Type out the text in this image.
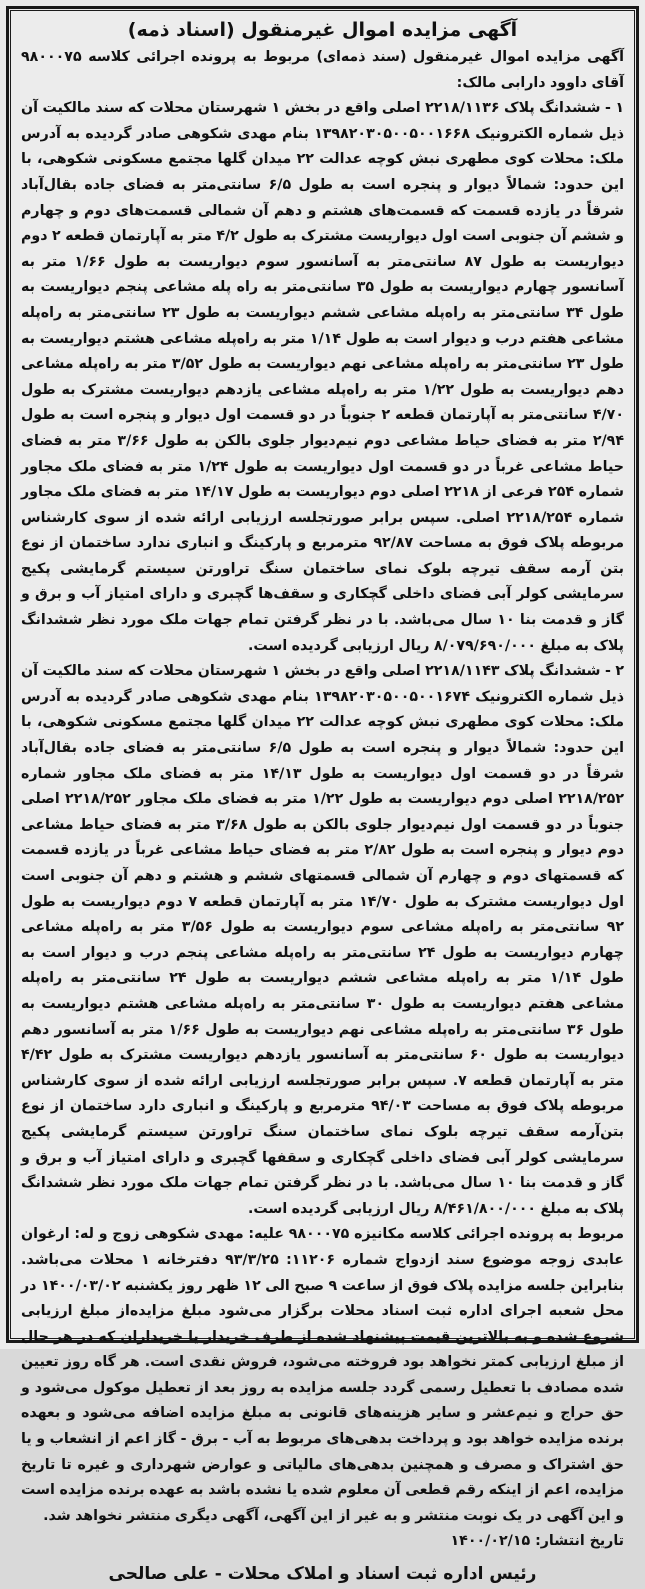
آگهی مزایده اموال غیرمنقول (اسناد ذمه)

آگهی مزایده اموال غیرمنقول (سند ذمه‌ای) مربوط به پرونده اجرائی کلاسه ۹۸۰۰۰۷۵ آقای داوود دارابی مالک:

۱ - ششدانگ پلاک ۲۲۱۸/۱۱۳۶ اصلی واقع در بخش ۱ شهرستان محلات که سند مالکیت آن ذیل شماره الکترونیک ۱۳۹۸۲۰۳۰۵۰۰۵۰۰۱۶۶۸ بنام مهدی شکوهی صادر گردیده به آدرس ملک: محلات کوی مطهری نبش کوچه عدالت ۲۲ میدان گلها مجتمع مسکونی شکوهی، با این حدود: شمالاً دیوار و پنجره است به طول ۶/۵ سانتی‌متر به فضای جاده بقال‌آباد شرقاً در یازده قسمت که قسمت‌های هشتم و دهم آن شمالی قسمت‌های دوم و چهارم و ششم آن جنوبی است اول دیواریست مشترک به طول ۴/۲ متر به آپارتمان قطعه ۲ دوم دیواریست به طول ۸۷ سانتی‌متر به آسانسور سوم دیواریست به طول ۱/۶۶ متر به آسانسور چهارم دیواریست به طول ۳۵ سانتی‌متر به راه پله مشاعی پنجم دیواریست به طول ۳۴ سانتی‌متر به راه‌پله مشاعی ششم دیواریست به طول ۲۳ سانتی‌متر به راه‌پله مشاعی هفتم درب و دیوار است به طول ۱/۱۴ متر به راه‌پله مشاعی هشتم دیواریست به طول ۲۳ سانتی‌متر به راه‌پله مشاعی نهم دیواریست به طول ۳/۵۲ متر به راه‌پله مشاعی دهم دیواریست به طول ۱/۲۲ متر به راه‌پله مشاعی یازدهم دیواریست مشترک به طول ۴/۷۰ سانتی‌متر به آپارتمان قطعه ۲ جنوباً در دو قسمت اول دیوار و پنجره است به طول ۲/۹۴ متر به فضای حیاط مشاعی دوم نیم‌دیوار جلوی بالکن به طول ۳/۶۶ متر به فضای حیاط مشاعی غرباً در دو قسمت اول دیواریست به طول ۱/۲۴ متر به فضای ملک مجاور شماره ۲۵۴ فرعی از ۲۲۱۸ اصلی دوم دیواریست به طول ۱۴/۱۷ متر به فضای ملک مجاور شماره ۲۲۱۸/۲۵۴ اصلی. سپس برابر صورتجلسه ارزیابی ارائه شده از سوی کارشناس مربوطه پلاک فوق به مساحت ۹۲/۸۷ مترمربع و پارکینگ و انباری ندارد ساختمان از نوع بتن آرمه سقف تیرچه بلوک نمای ساختمان سنگ تراورتن سیستم گرمایشی پکیج سرمایشی کولر آبی فضای داخلی گچکاری و سقف‌ها گچبری و دارای امتیاز آب و برق و گاز و قدمت بنا ۱۰ سال می‌باشد. با در نظر گرفتن تمام جهات ملک مورد نظر ششدانگ پلاک به مبلغ ۸/۰۷۹/۶۹۰/۰۰۰ ریال ارزیابی گردیده است.

۲ - ششدانگ پلاک ۲۲۱۸/۱۱۴۳ اصلی واقع در بخش ۱ شهرستان محلات که سند مالکیت آن ذیل شماره الکترونیک ۱۳۹۸۲۰۳۰۵۰۰۵۰۰۱۶۷۴ بنام مهدی شکوهی صادر گردیده به آدرس ملک: محلات کوی مطهری نبش کوچه عدالت ۲۲ میدان گلها مجتمع مسکونی شکوهی، با این حدود: شمالاً دیوار و پنجره است به طول ۶/۵ سانتی‌متر به فضای جاده بقال‌آباد شرقاً در دو قسمت اول دیواریست به طول ۱۴/۱۳ متر به فضای ملک مجاور شماره ۲۲۱۸/۲۵۲ اصلی دوم دیواریست به طول ۱/۲۲ متر به فضای ملک مجاور ۲۲۱۸/۲۵۲ اصلی جنوباً در دو قسمت اول نیم‌دیوار جلوی بالکن به طول ۳/۶۸ متر به فضای حیاط مشاعی دوم دیوار و پنجره است به طول ۲/۸۲ متر به فضای حیاط مشاعی غرباً در یازده قسمت که قسمتهای دوم و چهارم آن شمالی قسمتهای ششم و هشتم و دهم آن جنوبی است اول دیواریست مشترک به طول ۱۴/۷۰ متر به آپارتمان قطعه ۷ دوم دیواریست به طول ۹۲ سانتی‌متر به راه‌پله مشاعی سوم دیواریست به طول ۳/۵۶ متر به راه‌پله مشاعی چهارم دیواریست به طول ۲۴ سانتی‌متر به راه‌پله مشاعی پنجم درب و دیوار است به طول ۱/۱۴ متر به راه‌پله مشاعی ششم دیواریست به طول ۲۴ سانتی‌متر به راه‌پله مشاعی هفتم دیواریست به طول ۳۰ سانتی‌متر به راه‌پله مشاعی هشتم دیواریست به طول ۳۶ سانتی‌متر به راه‌پله مشاعی نهم دیواریست به طول ۱/۶۶ متر به آسانسور دهم دیواریست به طول ۶۰ سانتی‌متر به آسانسور یازدهم دیواریست مشترک به طول ۴/۴۲ متر به آپارتمان قطعه ۷. سپس برابر صورتجلسه ارزیابی ارائه شده از سوی کارشناس مربوطه پلاک فوق به مساحت ۹۴/۰۳ مترمربع و پارکینگ و انباری دارد ساختمان از نوع بتن‌آرمه سقف تیرچه بلوک نمای ساختمان سنگ تراورتن سیستم گرمایشی پکیج سرمایشی کولر آبی فضای داخلی گچکاری و سقفها گچبری و دارای امتیاز آب و برق و گاز و قدمت بنا ۱۰ سال می‌باشد. با در نظر گرفتن تمام جهات ملک مورد نظر ششدانگ پلاک به مبلغ ۸/۴۶۱/۸۰۰/۰۰۰ ریال ارزیابی گردیده است.

مربوط به پرونده اجرائی کلاسه مکانیزه ۹۸۰۰۰۷۵ علیه: مهدی شکوهی زوج و له: ارغوان عابدی زوجه موضوع سند ازدواج شماره ۱۱۲۰۶: ۹۳/۳/۲۵ دفترخانه ۱ محلات می‌باشد. بنابراین جلسه مزایده پلاک فوق از ساعت ۹ صبح الی ۱۲ ظهر روز یکشنبه ۱۴۰۰/۰۳/۰۲ در محل شعبه اجرای اداره ثبت اسناد محلات برگزار می‌شود مبلغ مزایده‌از مبلغ ارزیابی شروع شده و به بالاترین قیمت پیشنهاد شده از طرف خریدار یا خریداران که در هر حال از مبلغ ارزیابی کمتر نخواهد بود فروخته می‌شود، فروش نقدی است. هر گاه روز تعیین شده مصادف با تعطیل رسمی گردد جلسه مزایده به روز بعد از تعطیل موکول می‌شود و حق حراج و نیم‌عشر و سایر هزینه‌های قانونی به مبلغ مزایده اضافه می‌شود و بعهده برنده مزایده خواهد بود و پرداخت بدهی‌های مربوط به آب - برق - گاز اعم از انشعاب و یا حق اشتراک و مصرف و همچنین بدهی‌های مالیاتی و عوارض شهرداری و غیره تا تاریخ مزایده، اعم از اینکه رقم قطعی آن معلوم شده یا نشده باشد به عهده برنده مزایده است و این آگهی در یک نوبت منتشر و به غیر از این آگهی، آگهی دیگری منتشر نخواهد شد.

تاریخ انتشار: ۱۴۰۰/۰۲/۱۵
رئیس اداره ثبت اسناد و املاک محلات - علی صالحی
